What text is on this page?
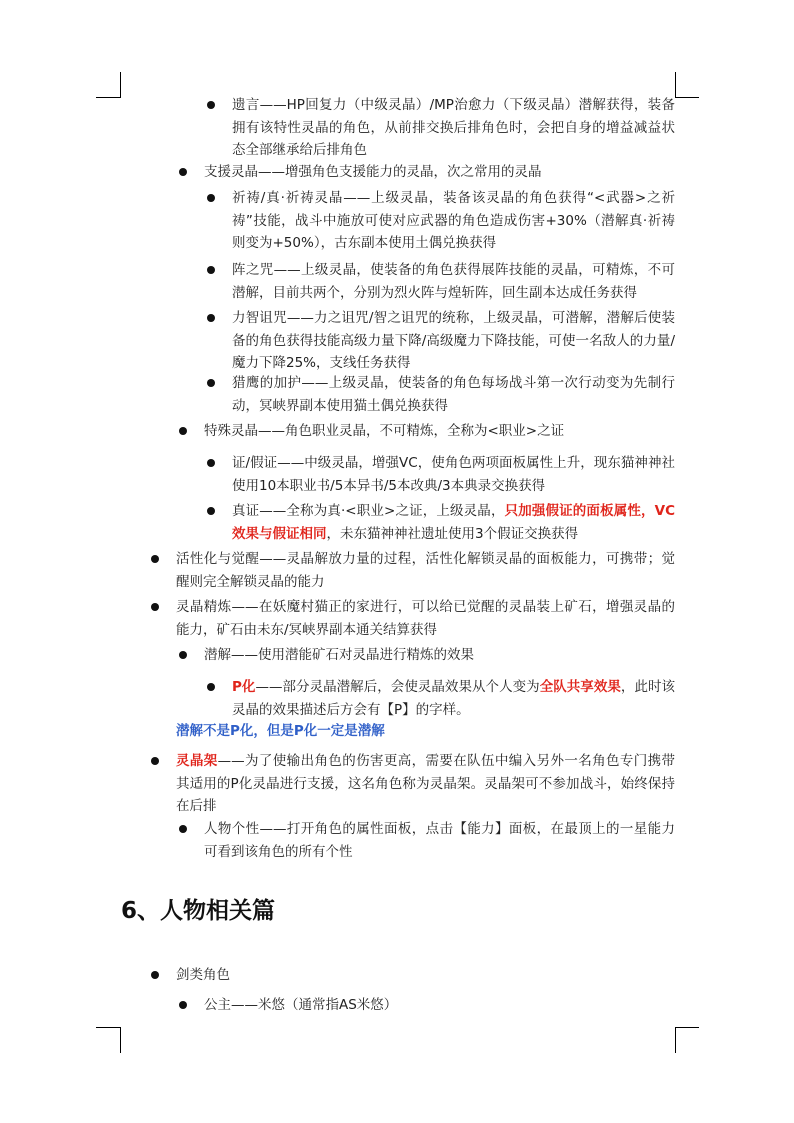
遗言——HP回复力（中级灵晶）/MP治愈力（下级灵晶）潜解获得，装备拥有该特性灵晶的角色，从前排交换后排角色时，会把自身的增益减益状态全部继承给后排角色
支援灵晶——增强角色支援能力的灵晶，次之常用的灵晶
祈祷/真·祈祷灵晶——上级灵晶，装备该灵晶的角色获得“<武器>之祈祷”技能，战斗中施放可使对应武器的角色造成伤害+30%（潜解真·祈祷则变为+50%），古东副本使用土偶兑换获得
阵之咒——上级灵晶，使装备的角色获得展阵技能的灵晶，可精炼，不可潜解，目前共两个，分别为烈火阵与煌斩阵，回生副本达成任务获得
力智诅咒——力之诅咒/智之诅咒的统称，上级灵晶，可潜解，潜解后使装备的角色获得技能高级力量下降/高级魔力下降技能，可使一名敌人的力量/魔力下降25%，支线任务获得
猎鹰的加护——上级灵晶，使装备的角色每场战斗第一次行动变为先制行动，冥峡界副本使用猫土偶兑换获得
特殊灵晶——角色职业灵晶，不可精炼，全称为<职业>之证
证/假证——中级灵晶，增强VC，使角色两项面板属性上升，现东猫神神社使用10本职业书/5本异书/5本改典/3本典录交换获得
真证——全称为真·<职业>之证，上级灵晶，只加强假证的面板属性，VC效果与假证相同，未东猫神神社遗址使用3个假证交换获得
活性化与觉醒——灵晶解放力量的过程，活性化解锁灵晶的面板能力，可携带；觉醒则完全解锁灵晶的能力
灵晶精炼——在妖魔村猫正的家进行，可以给已觉醒的灵晶装上矿石，增强灵晶的能力，矿石由未东/冥峡界副本通关结算获得
潜解——使用潜能矿石对灵晶进行精炼的效果
P化——部分灵晶潜解后，会使灵晶效果从个人变为全队共享效果，此时该灵晶的效果描述后方会有【P】的字样。
潜解不是P化，但是P化一定是潜解
灵晶架——为了使输出角色的伤害更高，需要在队伍中编入另外一名角色专门携带其适用的P化灵晶进行支援，这名角色称为灵晶架。灵晶架可不参加战斗，始终保持在后排
人物个性——打开角色的属性面板，点击【能力】面板，在最顶上的一星能力可看到该角色的所有个性
6、人物相关篇
剑类角色
公主——米悠（通常指AS米悠）
